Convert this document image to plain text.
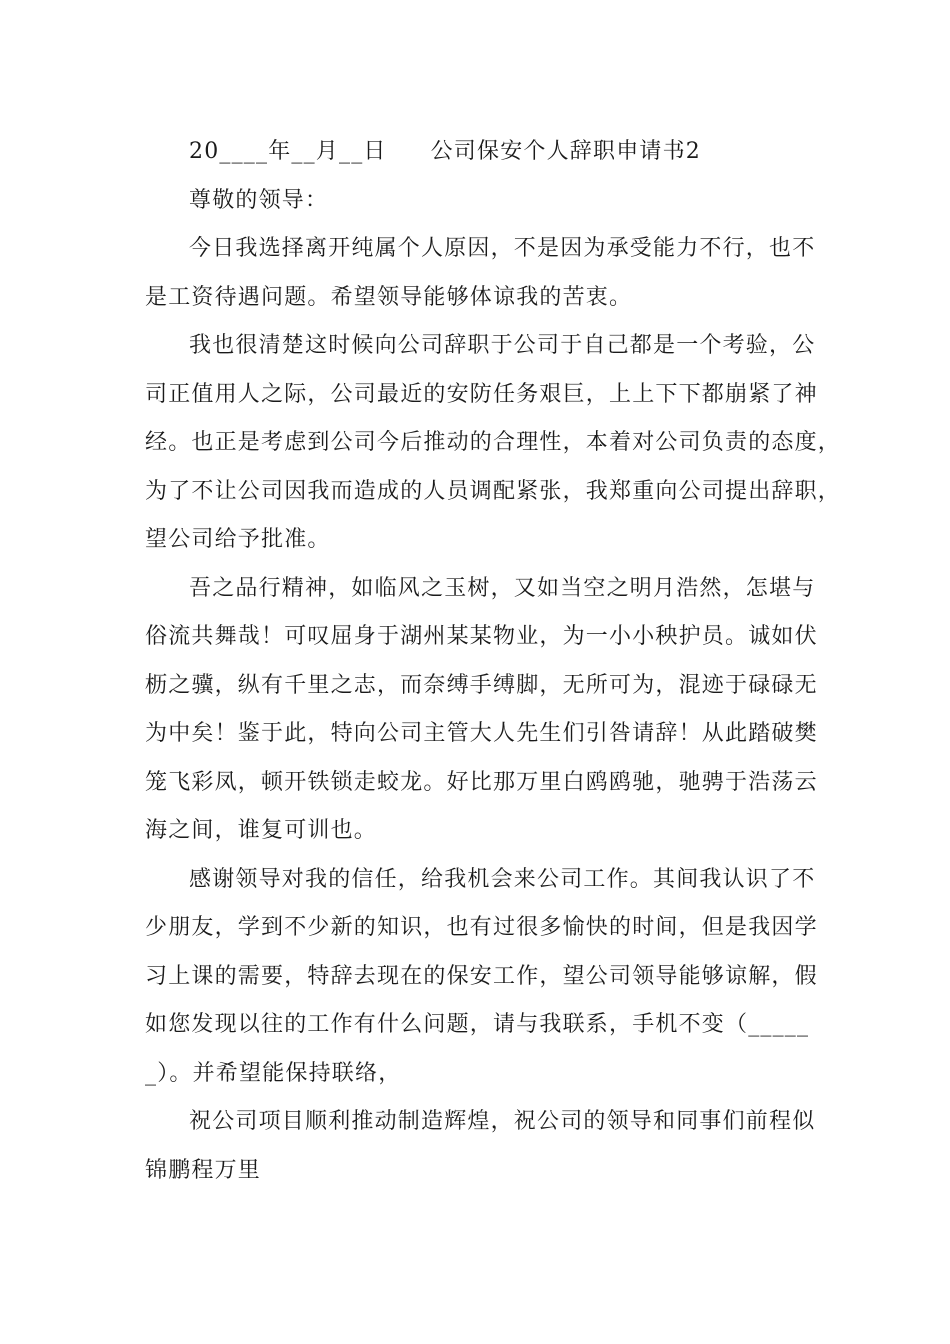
20____年__月__日 公司保安个人辞职申请书2

尊敬的领导：

今日我选择离开纯属个人原因，不是因为承受能力不行，也不
是工资待遇问题。希望领导能够体谅我的苦衷。
我也很清楚这时候向公司辞职于公司于自己都是一个考验，公
司正值用人之际，公司最近的安防任务艰巨，上上下下都崩紧了神
经。也正是考虑到公司今后推动的合理性，本着对公司负责的态度，
为了不让公司因我而造成的人员调配紧张，我郑重向公司提出辞职，
望公司给予批准。
吾之品行精神，如临风之玉树，又如当空之明月浩然，怎堪与
俗流共舞哉！可叹屈身于湖州某某物业，为一小小秧护员。诚如伏
枥之骥，纵有千里之志，而奈缚手缚脚，无所可为，混迹于碌碌无
为中矣！鉴于此，特向公司主管大人先生们引咎请辞！从此踏破樊
笼飞彩凤，顿开铁锁走蛟龙。好比那万里白鸥鸥驰，驰骋于浩荡云
海之间，谁复可训也。
感谢领导对我的信任，给我机会来公司工作。其间我认识了不
少朋友，学到不少新的知识，也有过很多愉快的时间，但是我因学
习上课的需要，特辞去现在的保安工作，望公司领导能够谅解，假
如您发现以往的工作有什么问题，请与我联系，手机不变（_____
_）。并希望能保持联络，
祝公司项目顺利推动制造辉煌，祝公司的领导和同事们前程似
锦鹏程万里
